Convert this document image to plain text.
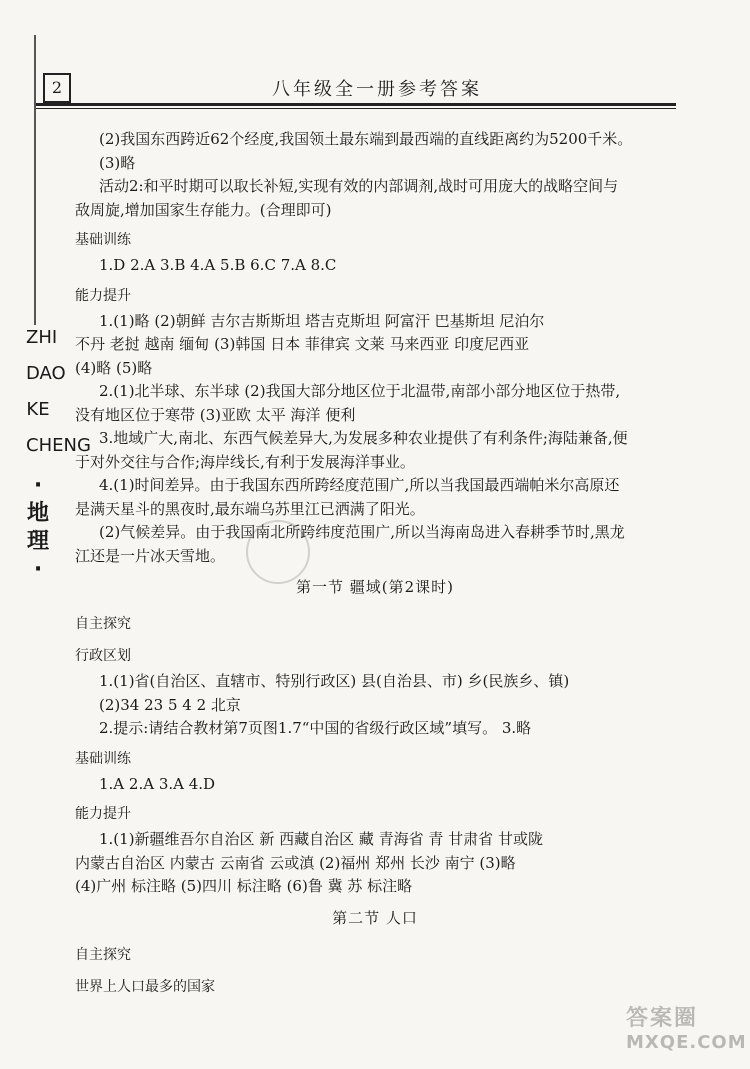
ZHI
DAO
KE
CHENG
·地理·
2	八年级全一册参考答案
(2)我国东西跨近62个经度,我国领土最东端到最西端的直线距离约为5200千米。
(3)略
活动2:和平时期可以取长补短,实现有效的内部调剂,战时可用庞大的战略空间与
敌周旋,增加国家生存能力。(合理即可)
基础训练
1.D 2.A 3.B 4.A 5.B 6.C 7.A 8.C
能力提升
1.(1)略 (2)朝鲜 吉尔吉斯斯坦 塔吉克斯坦 阿富汗 巴基斯坦 尼泊尔
不丹 老挝 越南 缅甸 (3)韩国 日本 菲律宾 文莱 马来西亚 印度尼西亚
(4)略 (5)略
2.(1)北半球、东半球 (2)我国大部分地区位于北温带,南部小部分地区位于热带,
没有地区位于寒带 (3)亚欧 太平 海洋 便利
3.地域广大,南北、东西气候差异大,为发展多种农业提供了有利条件;海陆兼备,便
于对外交往与合作;海岸线长,有利于发展海洋事业。
4.(1)时间差异。由于我国东西所跨经度范围广,所以当我国最西端帕米尔高原还
是满天星斗的黑夜时,最东端乌苏里江已洒满了阳光。
(2)气候差异。由于我国南北所跨纬度范围广,所以当海南岛进入春耕季节时,黑龙
江还是一片冰天雪地。
第一节 疆域(第2课时)
自主探究
行政区划
1.(1)省(自治区、直辖市、特别行政区) 县(自治县、市) 乡(民族乡、镇)
(2)34 23 5 4 2 北京
2.提示:请结合教材第7页图1.7“中国的省级行政区域”填写。 3.略
基础训练
1.A 2.A 3.A 4.D
能力提升
1.(1)新疆维吾尔自治区 新 西藏自治区 藏 青海省 青 甘肃省 甘或陇
内蒙古自治区 内蒙古 云南省 云或滇 (2)福州 郑州 长沙 南宁 (3)略
(4)广州 标注略 (5)四川 标注略 (6)鲁 冀 苏 标注略
第二节 人口
自主探究
世界上人口最多的国家
答案圈
MXQE.COM
